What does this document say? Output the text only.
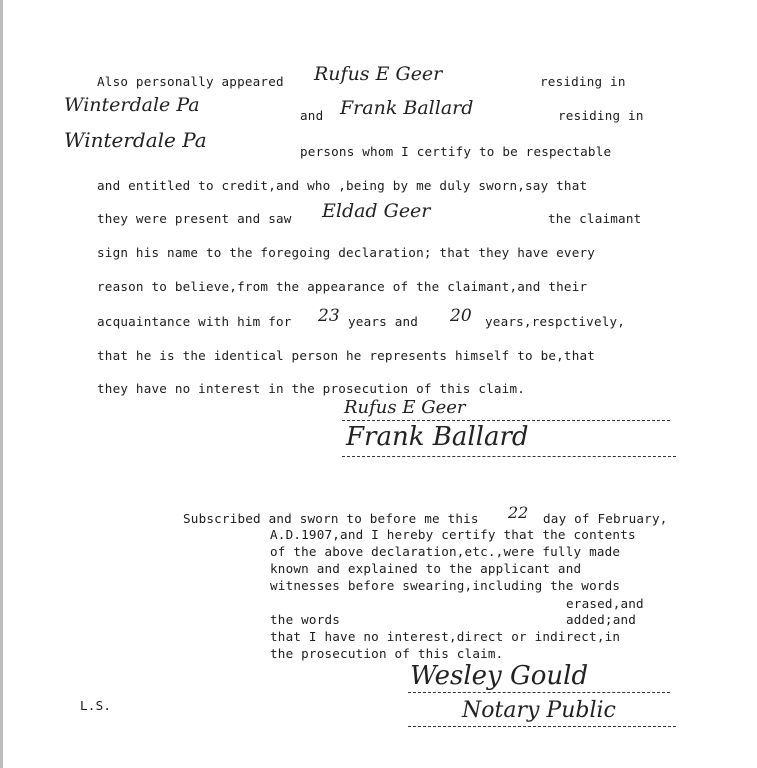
Also personally appeared Rufus E Geer	residing in
Winterdale Pa	and Frank Ballard	residing in
Winterdale Pa	persons whom I certify to be respectable
and entitled to credit,and who ,being by me duly sworn,say that
they were present and saw Eldad Geer	the claimant
sign his name to the foregoing declaration; that they have every
reason to believe,from the appearance of the claimant,and their
acquaintance with him for 23 years and 20 years,respctively,
that he is the identical person he represents himself to be,that
they have no interest in the prosecution of this claim.
Rufus E Geer
Frank Ballard
Subscribed and sworn to before me this 22 day of February,
A.D.1907,and I hereby certify that the contents
of the above declaration,etc.,were fully made
known and explained to the applicant and
witnesses before swearing,including the words
erased,and
the words	added;and
that I have no interest,direct or indirect,in
the prosecution of this claim.
Wesley Gould
Notary Public
L.S.
